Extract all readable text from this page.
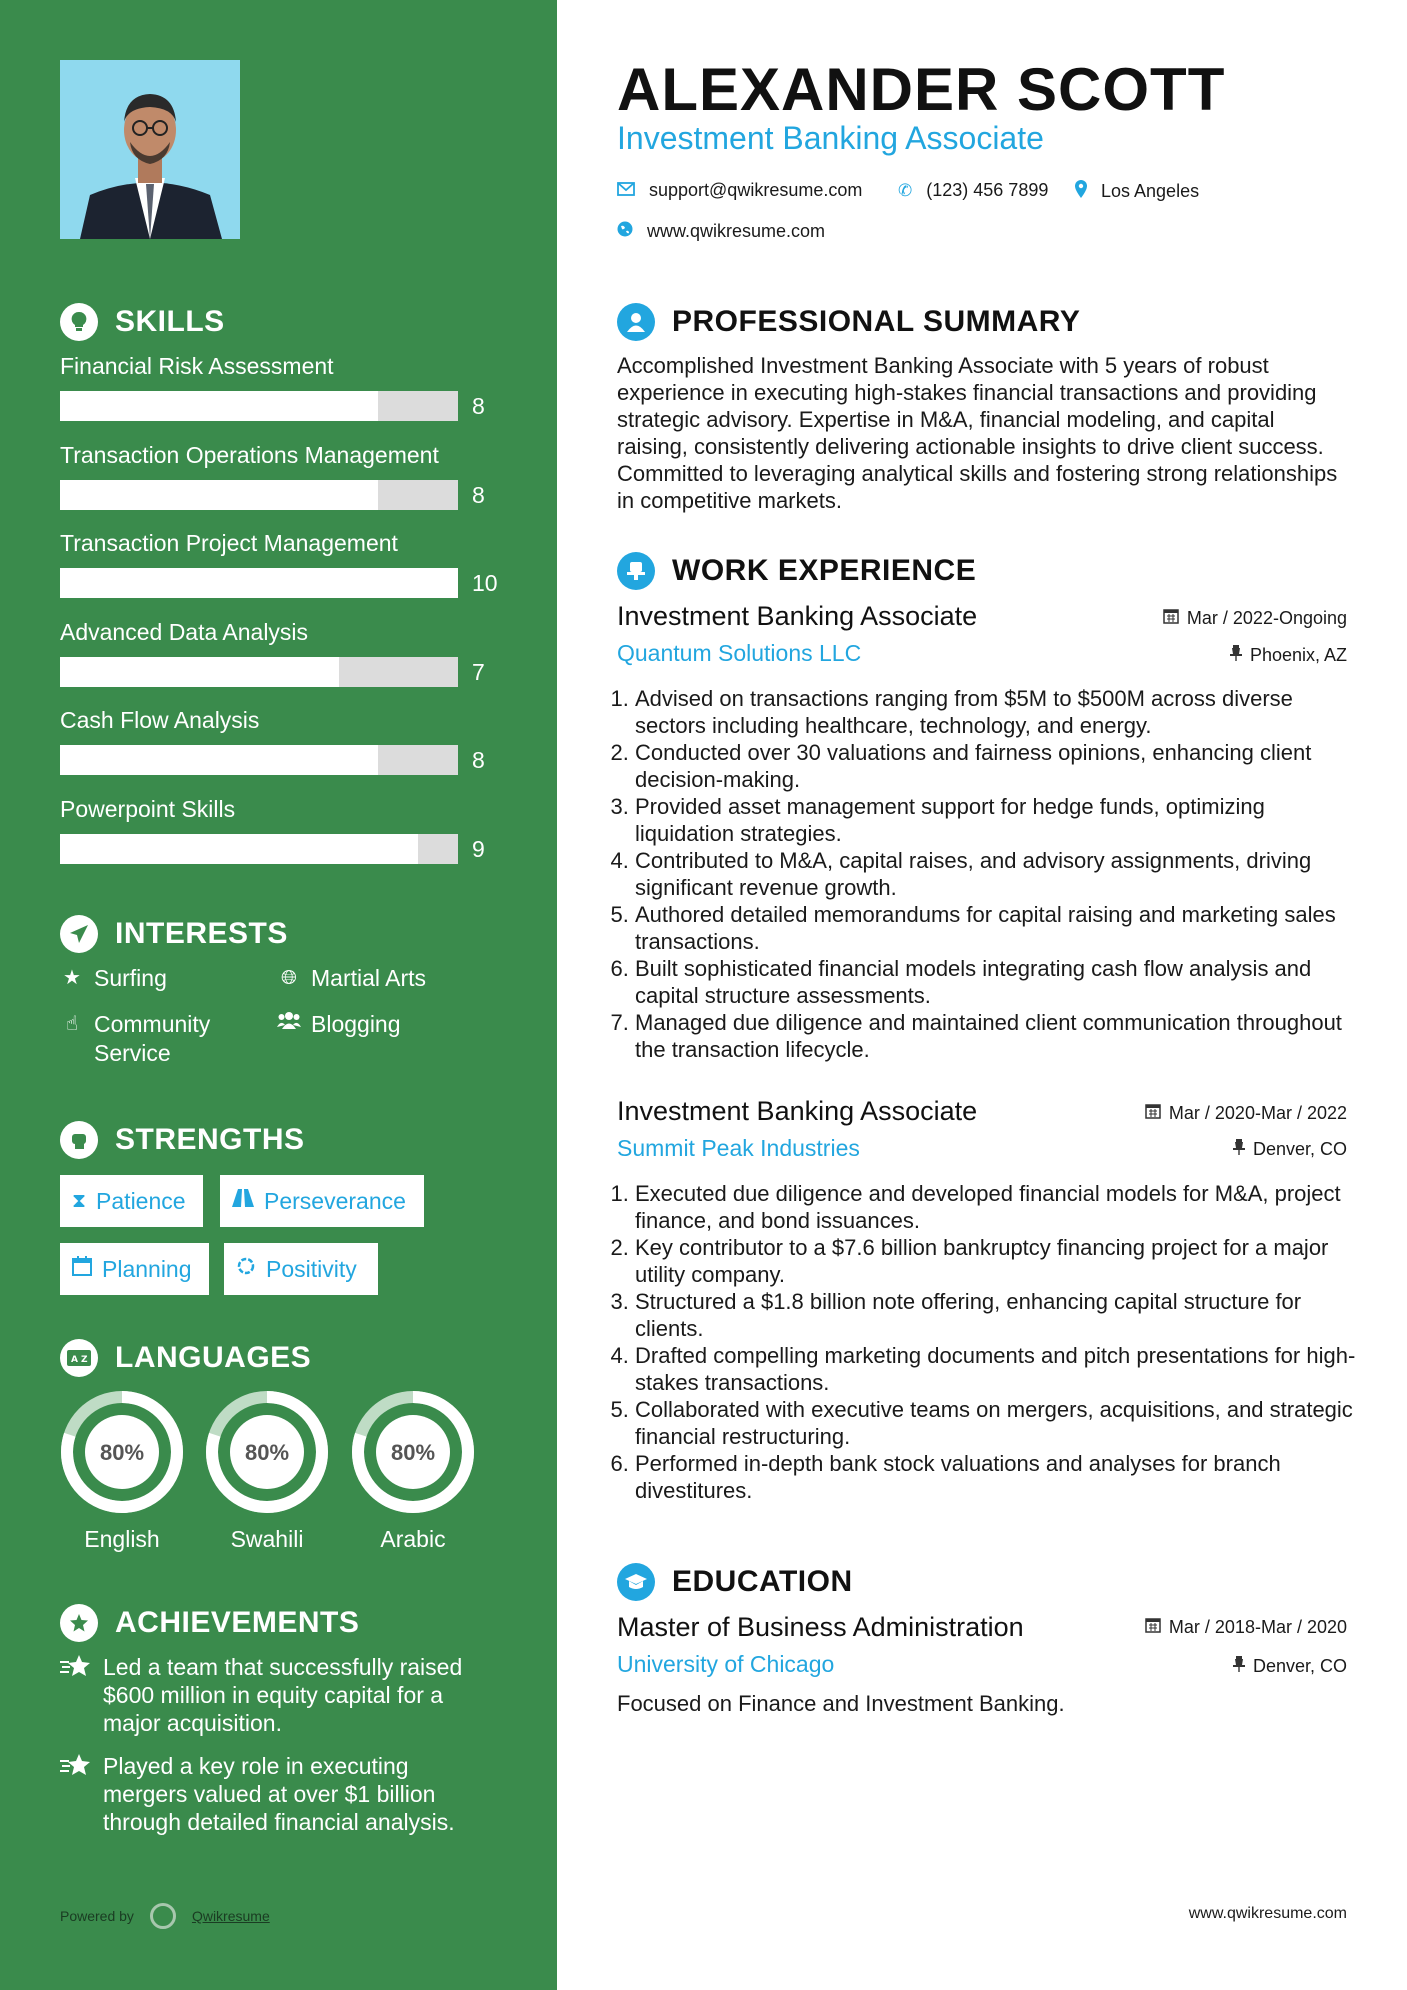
SKILLS
Financial Risk Assessment
8
Transaction Operations Management
8
Transaction Project Management
10
Advanced Data Analysis
7
Cash Flow Analysis
8
Powerpoint Skills
9
INTERESTS
★ Surfing	🌐︎ Martial Arts
☝︎ Community Service
Blogging
STRENGTHS
⧗ Patience	Perseverance
Planning	Positivity
A Z LANGUAGES
80%
English
80%
Swahili
80%
Arabic
ACHIEVEMENTS
Led a team that successfully raised $600 million in equity capital for a major acquisition.
Played a key role in executing mergers valued at over $1 billion through detailed financial analysis.
Powered by	Qwikresume
ALEXANDER SCOTT
Investment Banking Associate
support@qwikresume.com ✆ (123) 456 7899	Los Angeles
www.qwikresume.com
PROFESSIONAL SUMMARY
Accomplished Investment Banking Associate with 5 years of robust experience in executing high-stakes financial transactions and providing strategic advisory. Expertise in M&A, financial modeling, and capital raising, consistently delivering actionable insights to drive client success. Committed to leveraging analytical skills and fostering strong relationships in competitive markets.
WORK EXPERIENCE
Investment Banking Associate	Mar / 2022-Ongoing
Quantum Solutions LLC	Phoenix, AZ
1. Advised on transactions ranging from $5M to $500M across diverse sectors including healthcare, technology, and energy.
2. Conducted over 30 valuations and fairness opinions, enhancing client decision-making.
3. Provided asset management support for hedge funds, optimizing liquidation strategies.
4. Contributed to M&A, capital raises, and advisory assignments, driving significant revenue growth.
5. Authored detailed memorandums for capital raising and marketing sales transactions.
6. Built sophisticated financial models integrating cash flow analysis and capital structure assessments.
7. Managed due diligence and maintained client communication throughout the transaction lifecycle.
Investment Banking Associate	Mar / 2020-Mar / 2022
Summit Peak Industries	Denver, CO
1. Executed due diligence and developed financial models for M&A, project finance, and bond issuances.
2. Key contributor to a $7.6 billion bankruptcy financing project for a major utility company.
3. Structured a $1.8 billion note offering, enhancing capital structure for clients.
4. Drafted compelling marketing documents and pitch presentations for high-stakes transactions.
5. Collaborated with executive teams on mergers, acquisitions, and strategic financial restructuring.
6. Performed in-depth bank stock valuations and analyses for branch divestitures.
EDUCATION
Master of Business Administration	Mar / 2018-Mar / 2020
University of Chicago	Denver, CO
Focused on Finance and Investment Banking.
www.qwikresume.com
